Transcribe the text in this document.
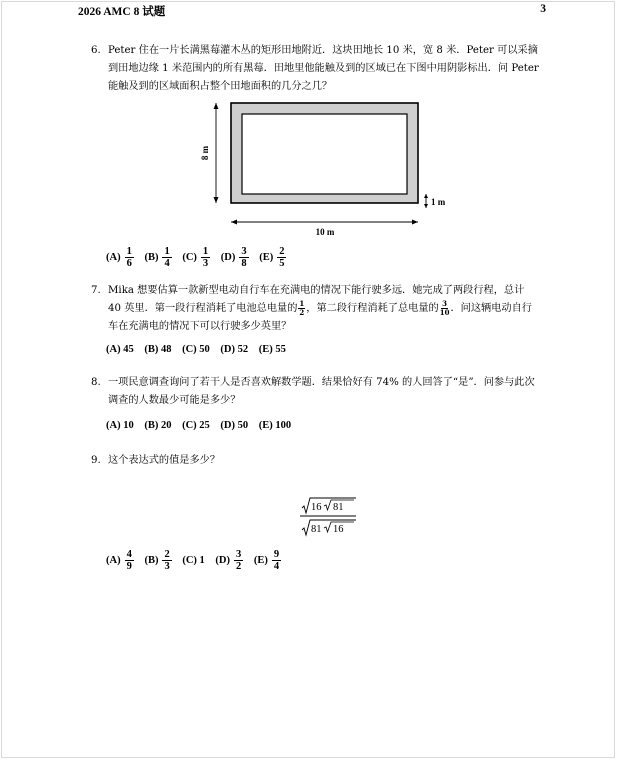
2026 AMC 8 试题	3
6. Peter 住在一片长满黑莓灌木丛的矩形田地附近．这块田地长 10 米，宽 8 米．Peter 可以采摘到田地边缘 1 米范围内的所有黑莓．田地里他能触及到的区域已在下图中用阴影标出．问 Peter 能触及到的区域面积占整个田地面积的几分之几？
8 m
10 m
1 m
$(A) \frac{1}{6} (B) \frac{1}{4} (C) \frac{1}{3} (D) \frac{3}{8} (E) \frac{2}{5}$
7. Mika 想要估算一款新型电动自行车在充满电的情况下能行驶多远．她完成了两段行程，总计 40 英里．第一段行程消耗了电池总电量的 $\frac{1}{2}$ ，第二段行程消耗了总电量的 $\frac{3}{10}$ ．问这辆电动自行车在充满电的情况下可以行驶多少英里？
(A) 45 (B) 48 (C) 50 (D) 52 (E) 55
8. 一项民意调查询问了若干人是否喜欢解数学题．结果恰好有 74% 的人回答了“是”．问参与此次调查的人数最少可能是多少？
(A) 10 (B) 20 (C) 25 (D) 50 (E) 100
9. 这个表达式的值是多少？
16 81
81 16
$(A) \frac{4}{9} (B) \frac{2}{3} (C)$ 1 $(D) \frac{3}{2} (E) \frac{9}{4}$
